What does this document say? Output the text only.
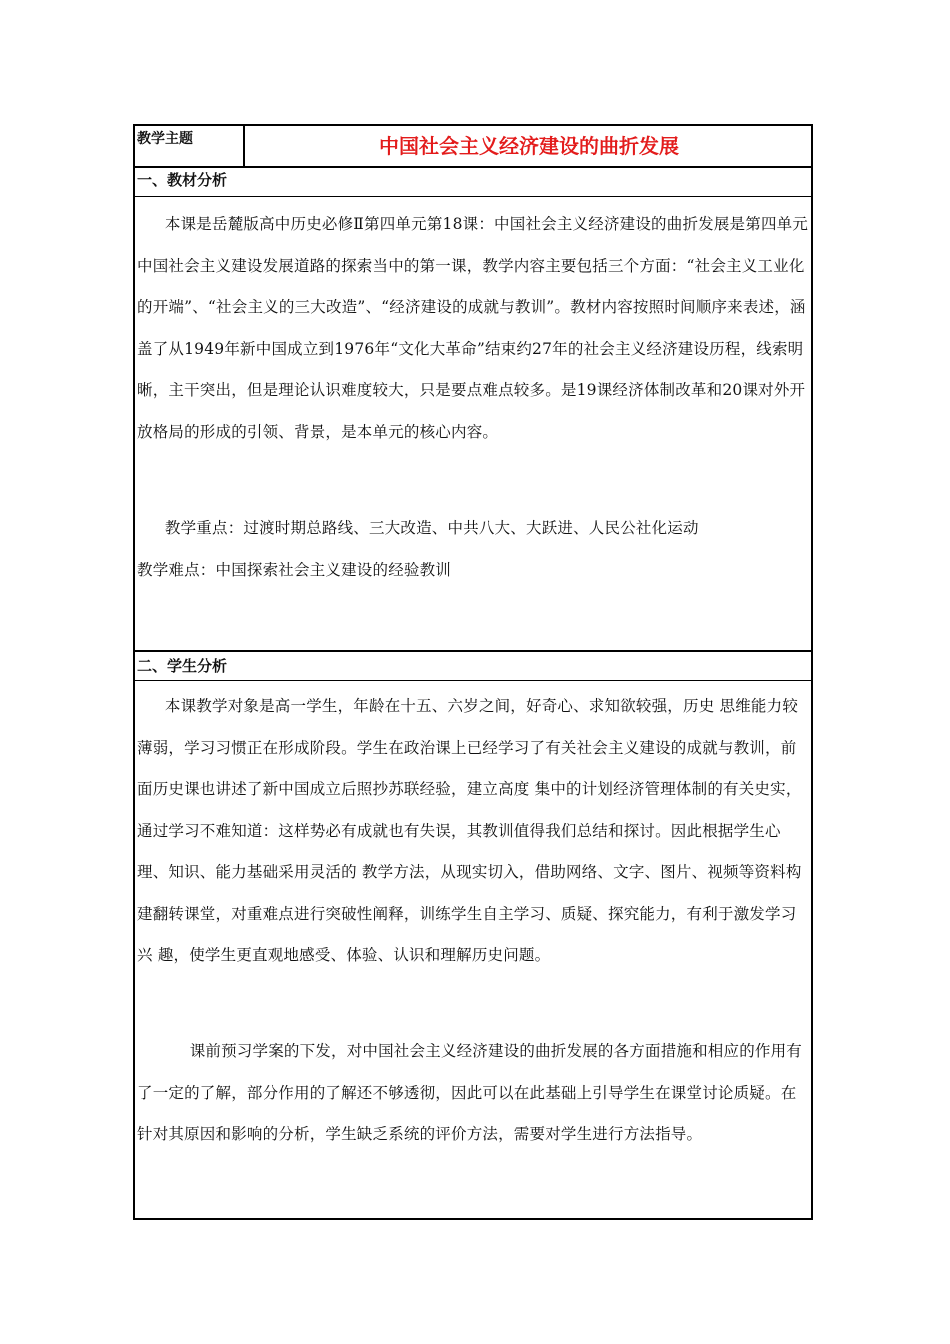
教学主题	中国社会主义经济建设的曲折发展
一、教材分析

本课是岳麓版高中历史必修Ⅱ第四单元第18课：中国社会主义经济建设的曲折发展是第四单元中国社会主义建设发展道路的探索当中的第一课，教学内容主要包括三个方面：“社会主义工业化的开端”、“社会主义的三大改造”、“经济建设的成就与教训”。教材内容按照时间顺序来表述，涵盖了从1949年新中国成立到1976年“文化大革命”结束约27年的社会主义经济建设历程，线索明晰，主干突出，但是理论认识难度较大，只是要点难点较多。是19课经济体制改革和20课对外开放格局的形成的引领、背景，是本单元的核心内容。

教学重点：过渡时期总路线、三大改造、中共八大、大跃进、人民公社化运动

教学难点：中国探索社会主义建设的经验教训

二、学生分析

本课教学对象是高一学生，年龄在十五、六岁之间，好奇心、求知欲较强，历史 思维能力较薄弱，学习习惯正在形成阶段。学生在政治课上已经学习了有关社会主义建设的成就与教训，前面历史课也讲述了新中国成立后照抄苏联经验，建立高度 集中的计划经济管理体制的有关史实，通过学习不难知道：这样势必有成就也有失误，其教训值得我们总结和探讨。因此根据学生心理、知识、能力基础采用灵活的 教学方法，从现实切入，借助网络、文字、图片、视频等资料构建翻转课堂，对重难点进行突破性阐释，训练学生自主学习、质疑、探究能力，有利于激发学习兴 趣，使学生更直观地感受、体验、认识和理解历史问题。

课前预习学案的下发，对中国社会主义经济建设的曲折发展的各方面措施和相应的作用有了一定的了解，部分作用的了解还不够透彻，因此可以在此基础上引导学生在课堂讨论质疑。在针对其原因和影响的分析，学生缺乏系统的评价方法，需要对学生进行方法指导。
